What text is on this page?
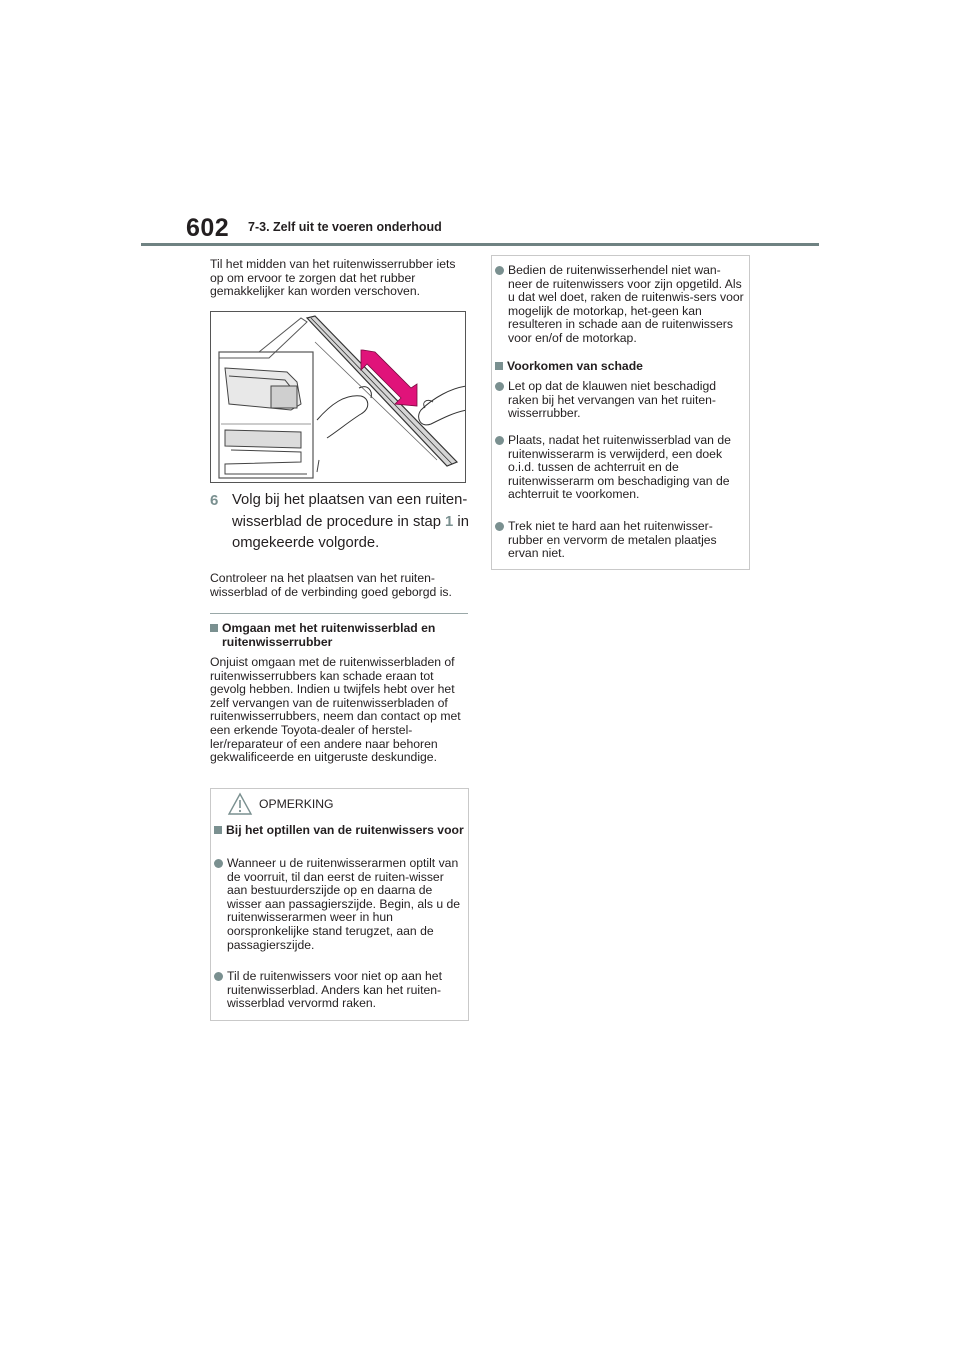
602 7-3. Zelf uit te voeren onderhoud
Til het midden van het ruitenwisserrubber iets op om ervoor te zorgen dat het rubber gemakkelijker kan worden verschoven.
6 Volg bij het plaatsen van een ruiten-wisserblad de procedure in stap 1 in omgekeerde volgorde.
Controleer na het plaatsen van het ruiten-wisserblad of de verbinding goed geborgd is.
Omgaan met het ruitenwisserblad en ruitenwisserrubber
Onjuist omgaan met de ruitenwisserbladen of ruitenwisserrubbers kan schade eraan tot gevolg hebben. Indien u twijfels hebt over het zelf vervangen van de ruitenwisserbladen of ruitenwisserrubbers, neem dan contact op met een erkende Toyota-dealer of herstel-ler/reparateur of een andere naar behoren gekwalificeerde en uitgeruste deskundige.
OPMERKING
Bij het optillen van de ruitenwissers voor
Wanneer u de ruitenwisserarmen optilt van de voorruit, til dan eerst de ruiten-wisser aan bestuurderszijde op en daarna de wisser aan passagierszijde. Begin, als u de ruitenwisserarmen weer in hun oorspronkelijke stand terugzet, aan de passagierszijde.
Til de ruitenwissers voor niet op aan het ruitenwisserblad. Anders kan het ruiten-wisserblad vervormd raken.
Bedien de ruitenwisserhendel niet wan-neer de ruitenwissers voor zijn opgetild. Als u dat wel doet, raken de ruitenwis-sers voor mogelijk de motorkap, het-geen kan resulteren in schade aan de ruitenwissers voor en/of de motorkap.
Voorkomen van schade
Let op dat de klauwen niet beschadigd raken bij het vervangen van het ruiten-wisserrubber.
Plaats, nadat het ruitenwisserblad van de ruitenwisserarm is verwijderd, een doek o.i.d. tussen de achterruit en de ruitenwisserarm om beschadiging van de achterruit te voorkomen.
Trek niet te hard aan het ruitenwisser-rubber en vervorm de metalen plaatjes ervan niet.
